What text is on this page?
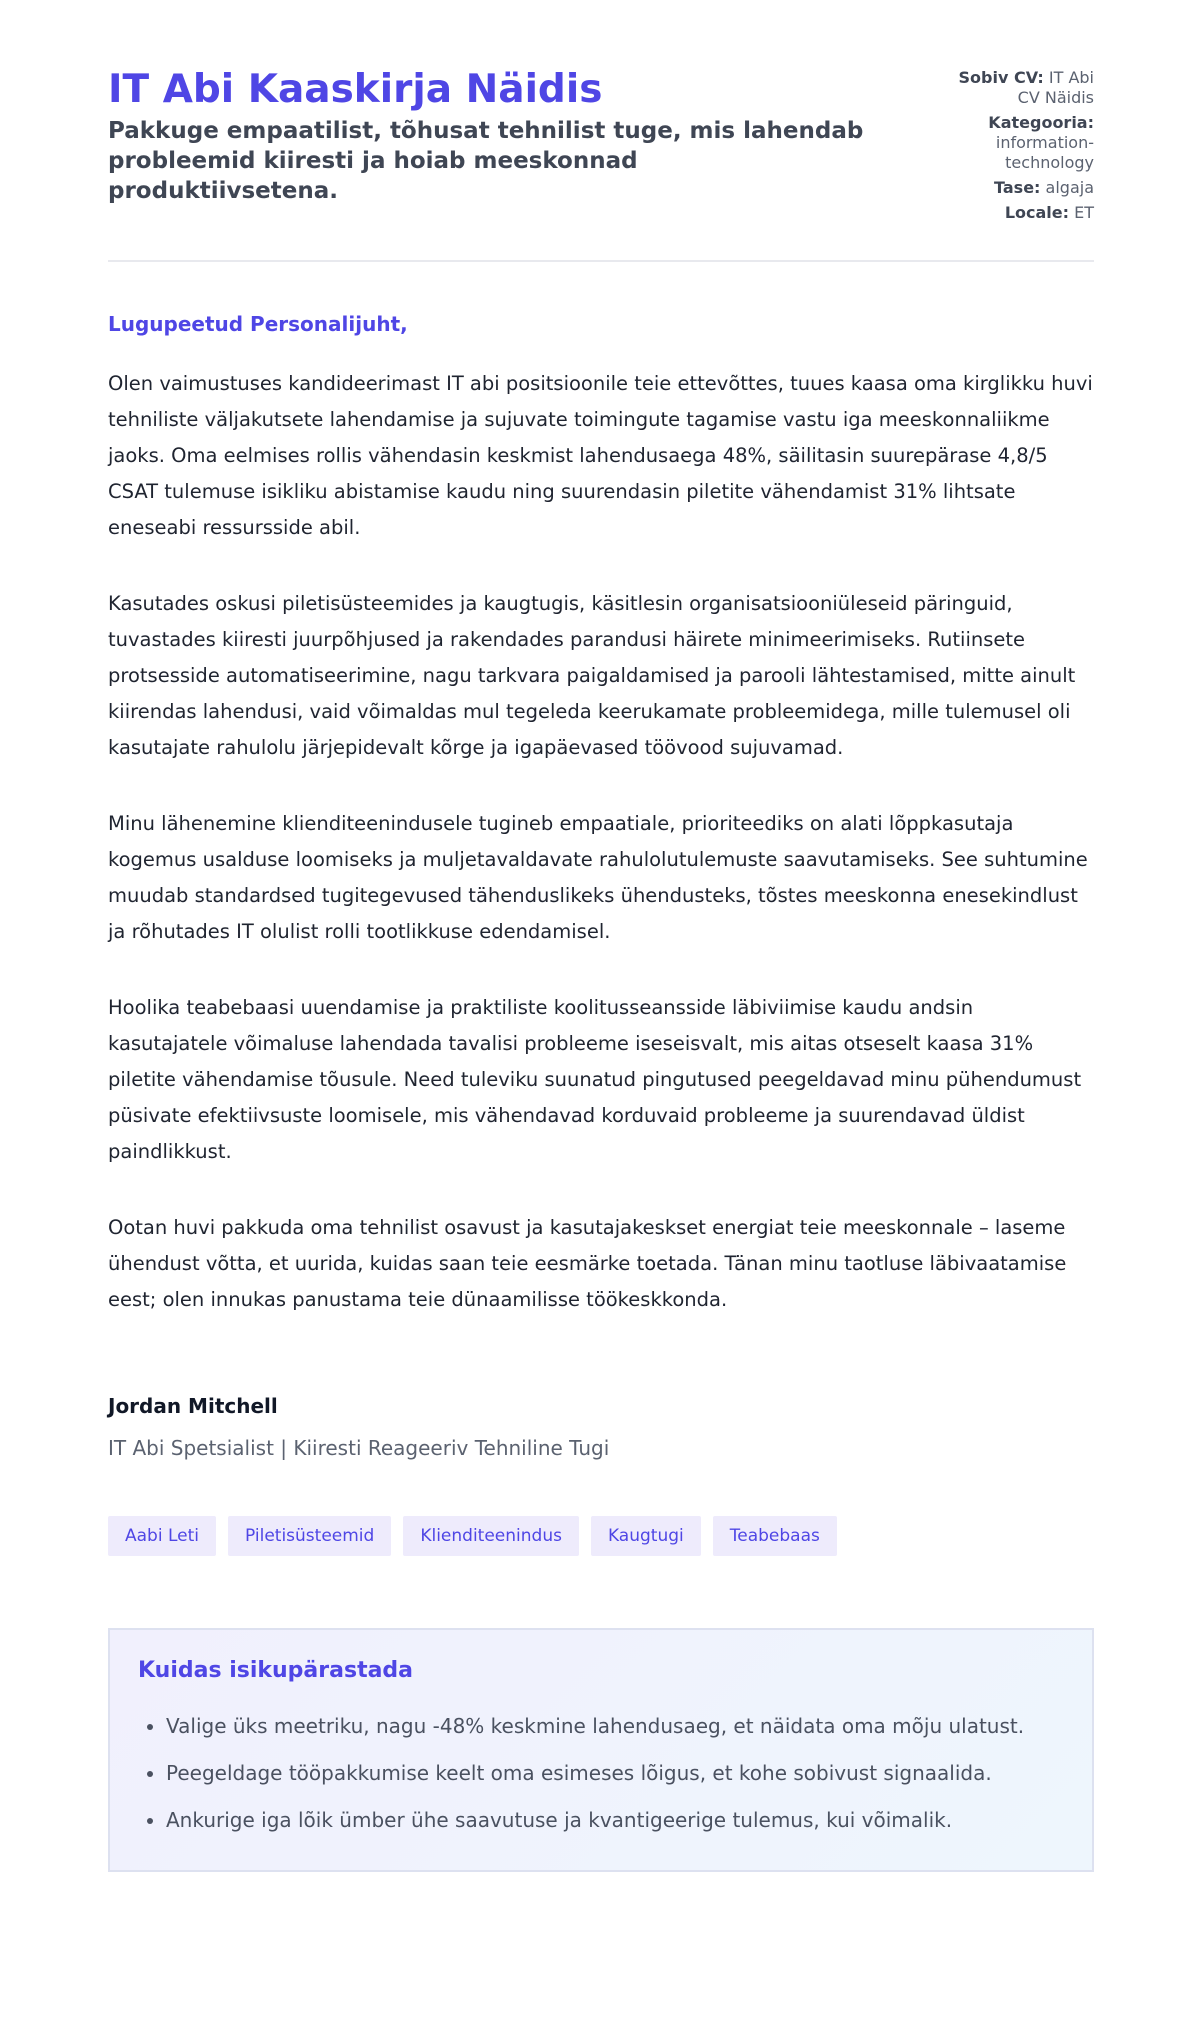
IT Abi Kaaskirja Näidis

Pakkuge empaatilist, tõhusat tehnilist tuge, mis lahendab probleemid kiiresti ja hoiab meeskonnad produktiivsetena.

Sobiv CV: IT Abi CV Näidis
Kategooria: information-technology
Tase: algaja
Locale: ET
Lugupeetud Personalijuht,

Olen vaimustuses kandideerimast IT abi positsioonile teie ettevõttes, tuues kaasa oma kirglikku huvi tehniliste väljakutsete lahendamise ja sujuvate toimingute tagamise vastu iga meeskonnaliikme jaoks. Oma eelmises rollis vähendasin keskmist lahendusaega 48%, säilitasin suurepärase 4,8/5 CSAT tulemuse isikliku abistamise kaudu ning suurendasin piletite vähendamist 31% lihtsate eneseabi ressursside abil.

Kasutades oskusi piletisüsteemides ja kaugtugis, käsitlesin organisatsiooniüleseid päringuid, tuvastades kiiresti juurpõhjused ja rakendades parandusi häirete minimeerimiseks. Rutiinsete protsesside automatiseerimine, nagu tarkvara paigaldamised ja parooli lähtestamised, mitte ainult kiirendas lahendusi, vaid võimaldas mul tegeleda keerukamate probleemidega, mille tulemusel oli kasutajate rahulolu järjepidevalt kõrge ja igapäevased töövood sujuvamad.

Minu lähenemine klienditeenindusele tugineb empaatiale, prioriteediks on alati lõppkasutaja kogemus usalduse loomiseks ja muljetavaldavate rahulolutulemuste saavutamiseks. See suhtumine muudab standardsed tugitegevused tähenduslikeks ühendusteks, tõstes meeskonna enesekindlust ja rõhutades IT olulist rolli tootlikkuse edendamisel.

Hoolika teabebaasi uuendamise ja praktiliste koolitusseansside läbiviimise kaudu andsin kasutajatele võimaluse lahendada tavalisi probleeme iseseisvalt, mis aitas otseselt kaasa 31% piletite vähendamise tõusule. Need tuleviku suunatud pingutused peegeldavad minu pühendumust püsivate efektiivsuste loomisele, mis vähendavad korduvaid probleeme ja suurendavad üldist paindlikkust.

Ootan huvi pakkuda oma tehnilist osavust ja kasutajakeskset energiat teie meeskonnale – laseme ühendust võtta, et uurida, kuidas saan teie eesmärke toetada. Tänan minu taotluse läbivaatamise eest; olen innukas panustama teie dünaamilisse töökeskkonda.

Jordan Mitchell
IT Abi Spetsialist | Kiiresti Reageeriv Tehniline Tugi
Aabi Leti	Piletisüsteemid	Klienditeenindus	Kaugtugi	Teabebaas
Kuidas isikupärastada
• Valige üks meetriku, nagu -48% keskmine lahendusaeg, et näidata oma mõju ulatust.
• Peegeldage tööpakkumise keelt oma esimeses lõigus, et kohe sobivust signaalida.
• Ankurige iga lõik ümber ühe saavutuse ja kvantigeerige tulemus, kui võimalik.
